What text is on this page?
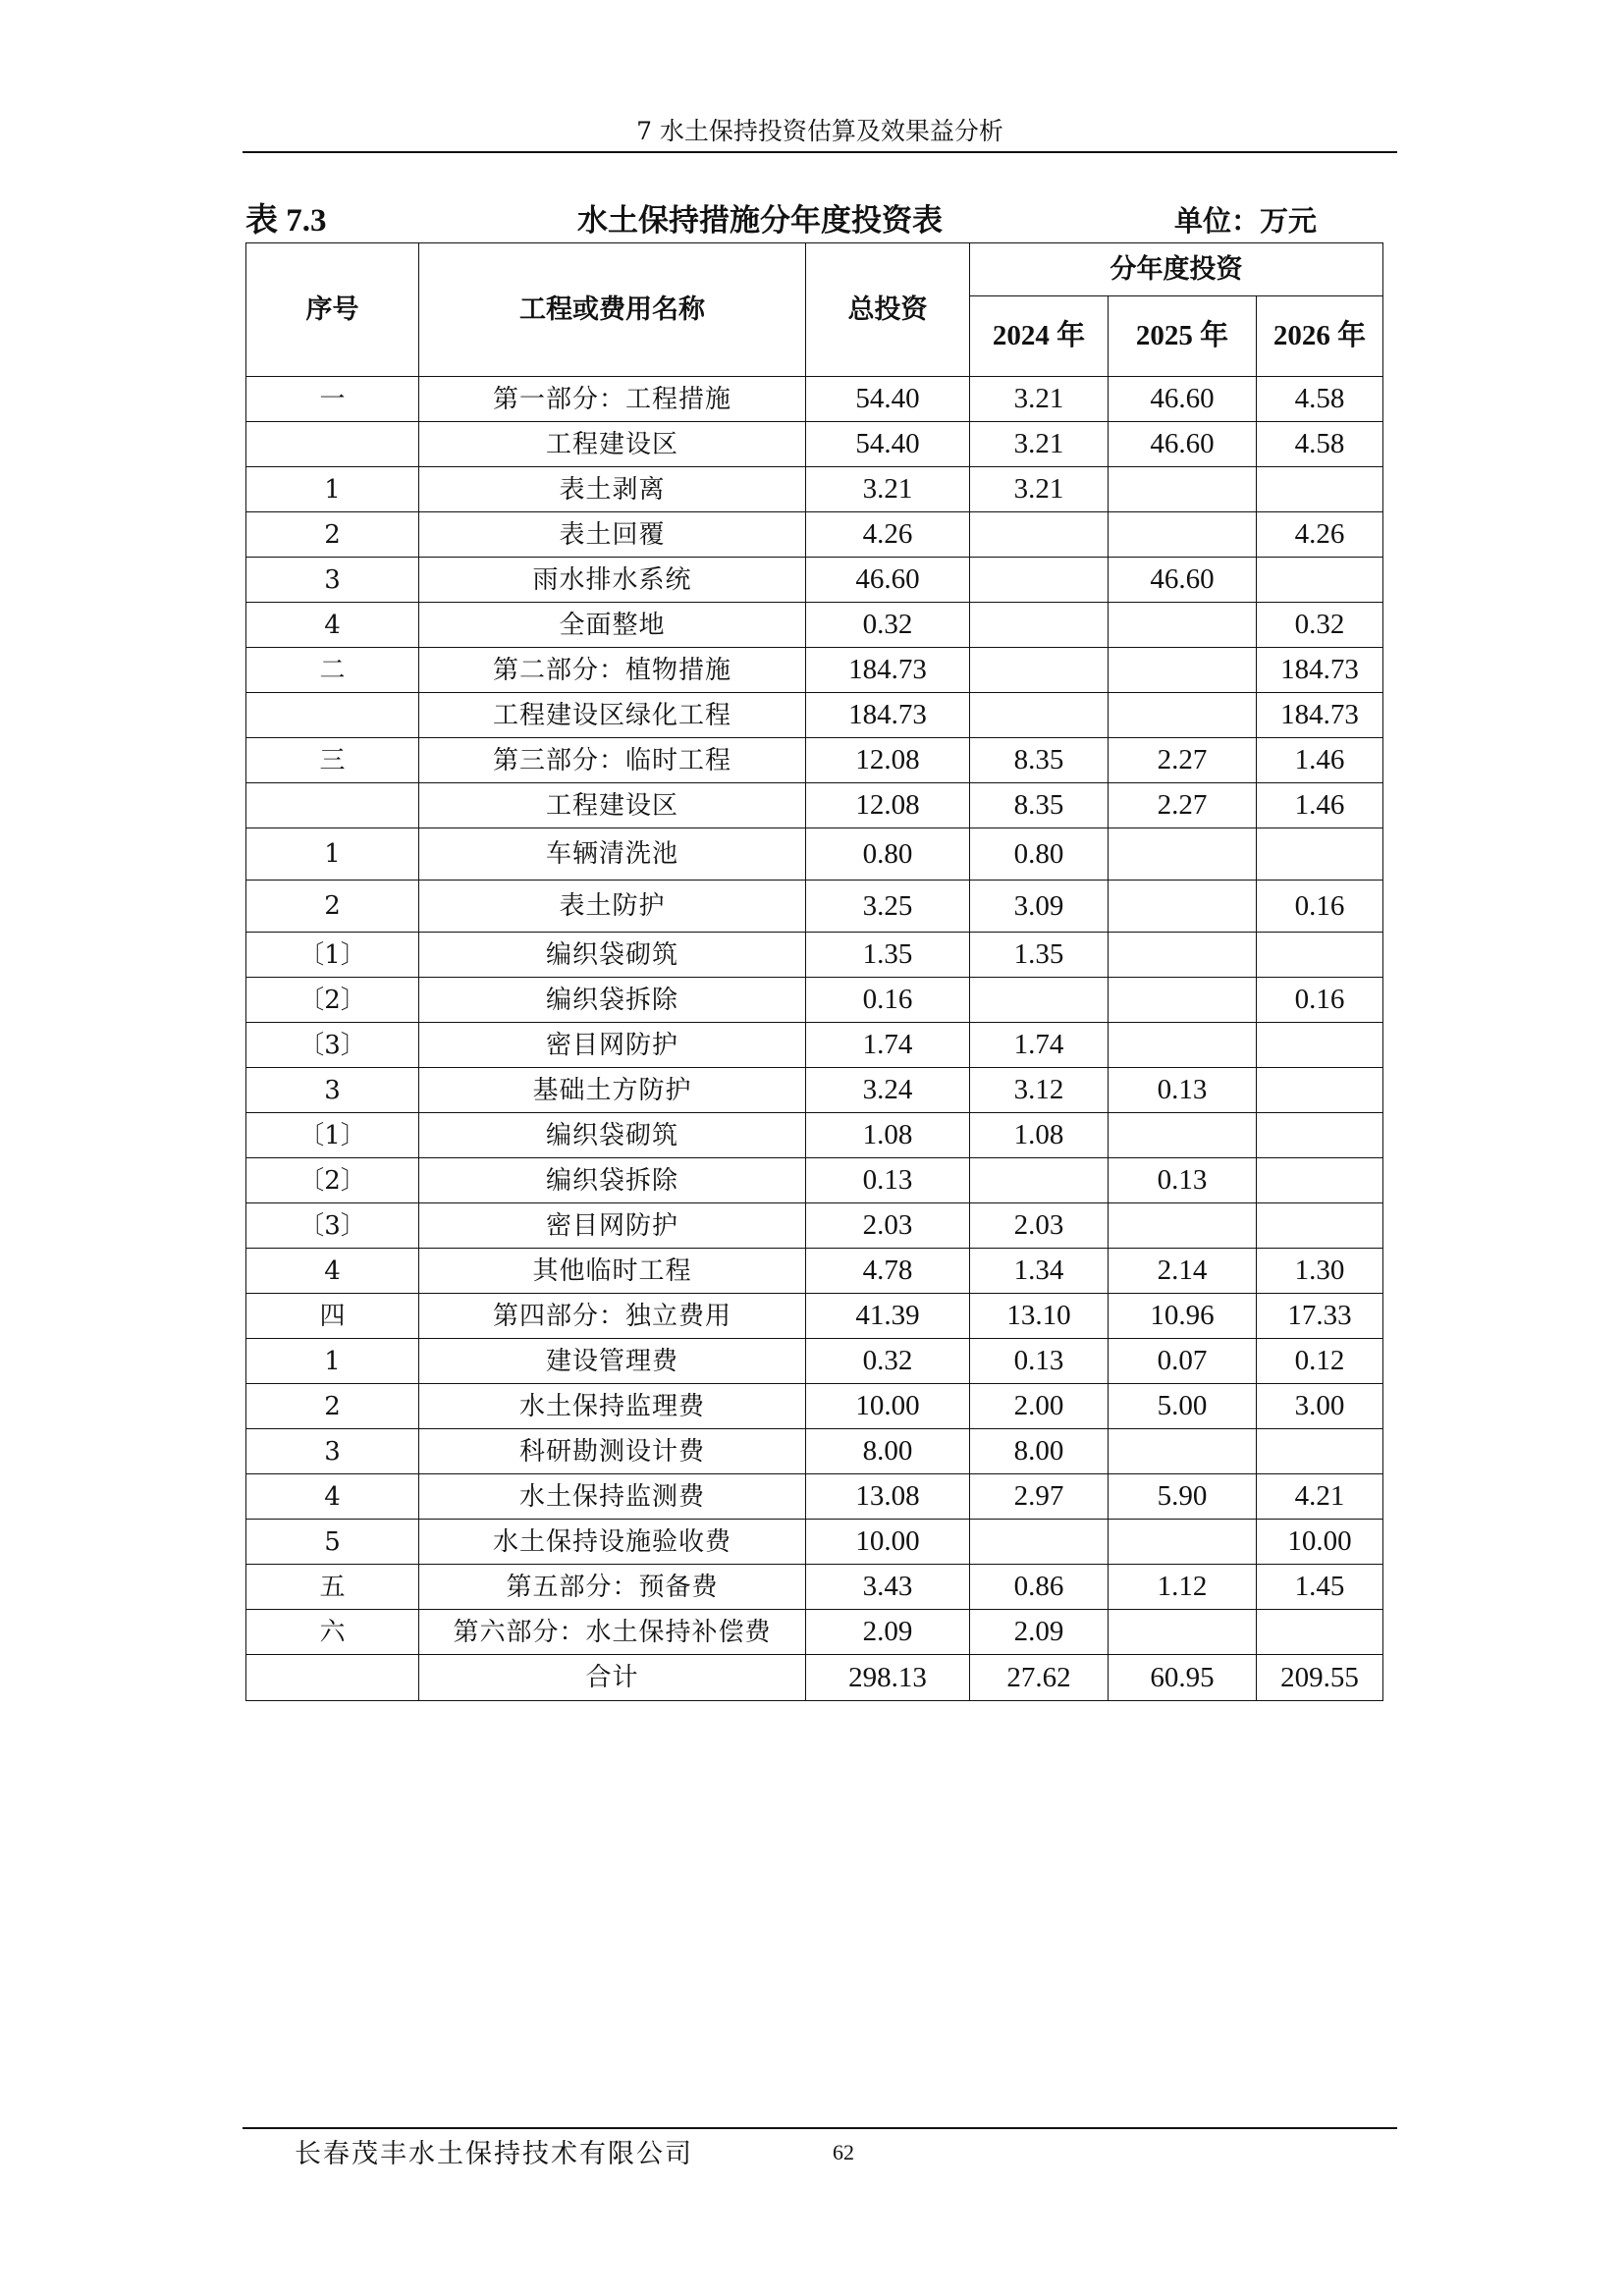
7 水土保持投资估算及效果益分析
表 7.3	水土保持措施分年度投资表	单位：万元
序号	工程或费用名称	总投资	分年度投资		
			2024 年	2025 年	2026 年
一	第一部分：工程措施	54.40	3.21	46.60	4.58
	工程建设区	54.40	3.21	46.60	4.58
1	表土剥离	3.21	3.21		
2	表土回覆	4.26			4.26
3	雨水排水系统	46.60		46.60	
4	全面整地	0.32			0.32
二	第二部分：植物措施	184.73			184.73
	工程建设区绿化工程	184.73			184.73
三	第三部分：临时工程	12.08	8.35	2.27	1.46
	工程建设区	12.08	8.35	2.27	1.46
1	车辆清洗池	0.80	0.80		
2	表土防护	3.25	3.09		0.16
〔1〕	编织袋砌筑	1.35	1.35		
〔2〕	编织袋拆除	0.16			0.16
〔3〕	密目网防护	1.74	1.74		
3	基础土方防护	3.24	3.12	0.13	
〔1〕	编织袋砌筑	1.08	1.08		
〔2〕	编织袋拆除	0.13		0.13	
〔3〕	密目网防护	2.03	2.03		
4	其他临时工程	4.78	1.34	2.14	1.30
四	第四部分：独立费用	41.39	13.10	10.96	17.33
1	建设管理费	0.32	0.13	0.07	0.12
2	水土保持监理费	10.00	2.00	5.00	3.00
3	科研勘测设计费	8.00	8.00		
4	水土保持监测费	13.08	2.97	5.90	4.21
5	水土保持设施验收费	10.00			10.00
五	第五部分：预备费	3.43	0.86	1.12	1.45
六	第六部分：水土保持补偿费	2.09	2.09		
	合计	298.13	27.62	60.95	209.55
长春茂丰水土保持技术有限公司	62
